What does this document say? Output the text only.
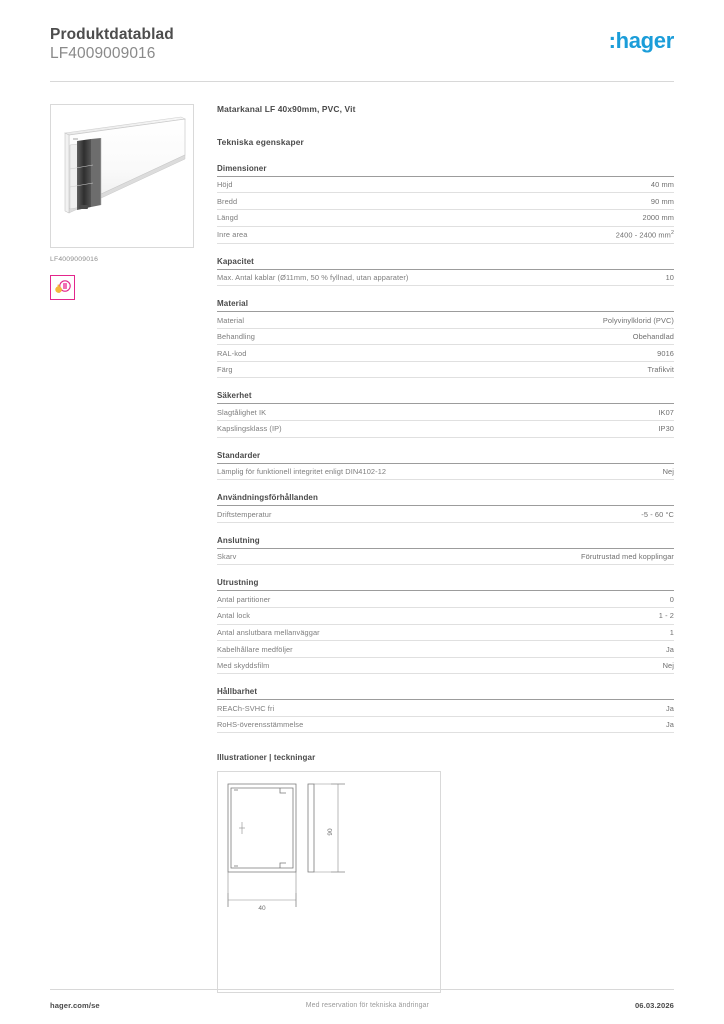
Produktdatablad
LF4009009016
:hager
LF4009009016
Matarkanal LF 40x90mm, PVC, Vit
Tekniska egenskaper
Dimensioner
Höjd	40 mm
Bredd	90 mm
Längd	2000 mm
Inre area	2400 - 2400 $mm^2$
Kapacitet
Max. Antal kablar (Ø11mm, 50 % fyllnad, utan apparater)	10
Material
Material	Polyvinylklorid (PVC)
Behandling	Obehandlad
RAL-kod	9016
Färg	Trafikvit
Säkerhet
Slagtålighet IK	IK07
Kapslingsklass (IP)	IP30
Standarder
Lämplig för funktionell integritet enligt DIN4102-12	Nej
Användningsförhållanden
Driftstemperatur	-5 - 60 °C
Anslutning
Skarv	Förutrustad med kopplingar
Utrustning
Antal partitioner	0
Antal lock	1 - 2
Antal anslutbara mellanväggar	1
Kabelhållare medföljer	Ja
Med skyddsfilm	Nej
Hållbarhet
REACh-SVHC fri	Ja
RoHS-överensstämmelse	Ja
Illustrationer | teckningar
90
40
hager.com/se	Med reservation för tekniska ändringar	06.03.2026
